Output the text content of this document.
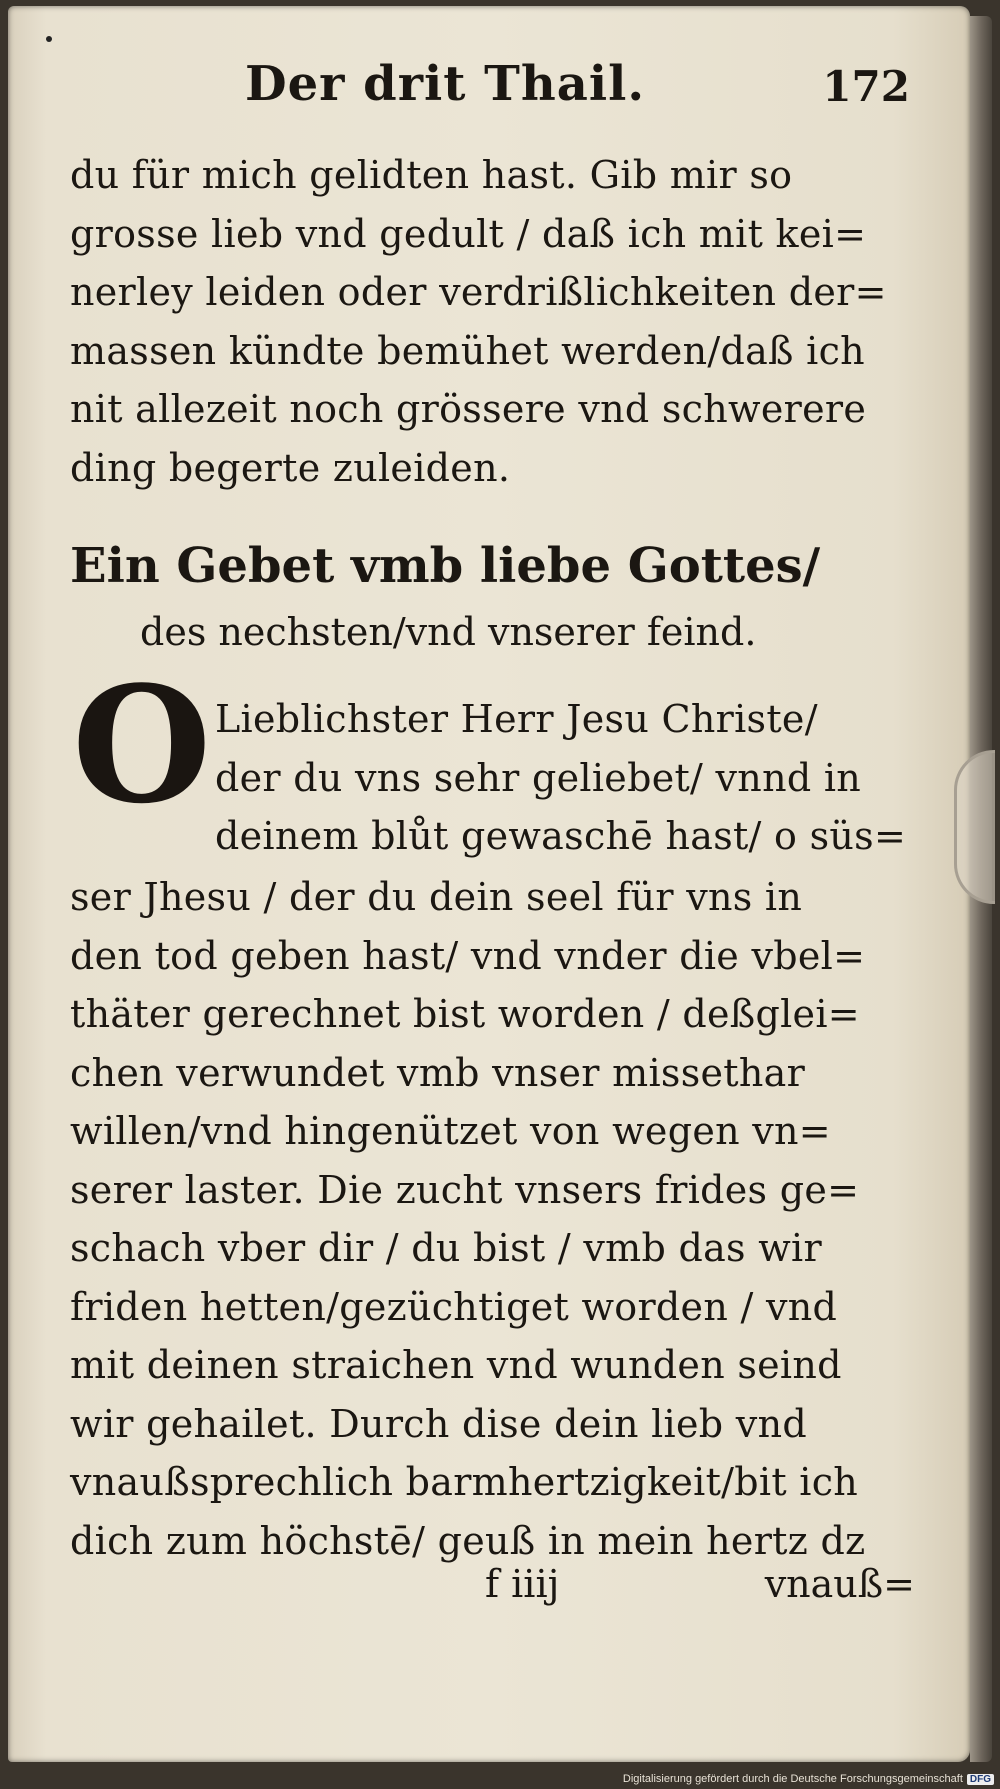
Der drit Thail.	172
du für mich gelidten hast. Gib mir so
grosse lieb vnd gedult / daß ich mit kei=
nerley leiden oder verdrißlichkeiten der=
massen kündte bemühet werden/daß ich
nit allezeit noch grössere vnd schwerere
ding begerte zuleiden.
Ein Gebet vmb liebe Gottes/
des nechsten/vnd vnserer feind.
O Lieblichster Herr Jesu Christe/
der du vns sehr geliebet/ vnnd in
deinem blůt gewaschē hast/ o süs=
ser Jhesu / der du dein seel für vns in
den tod geben hast/ vnd vnder die vbel=
thäter gerechnet bist worden / deßglei=
chen verwundet vmb vnser missethar
willen/vnd hingenützet von wegen vn=
serer laster. Die zucht vnsers frides ge=
schach vber dir / du bist / vmb das wir
friden hetten/gezüchtiget worden / vnd
mit deinen straichen vnd wunden seind
wir gehailet. Durch dise dein lieb vnd
vnaußsprechlich barmhertzigkeit/bit ich
dich zum höchstē/ geuß in mein hertz dz
f iiij	vnauß=
Digitalisierung gefördert durch die Deutsche Forschungsgemeinschaft DFG
